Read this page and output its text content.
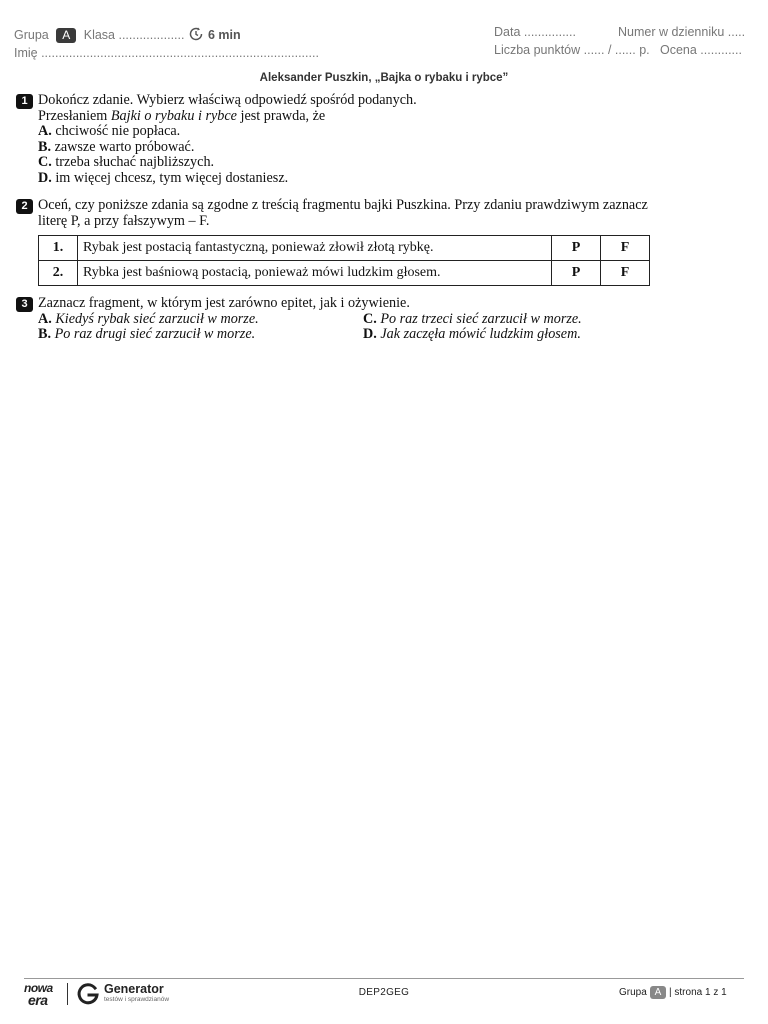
Grupa A Klasa ................... 6 min
Imię ................................................................................
Data ...............	Numer w dzienniku .....
Liczba punktów ...... / ...... p. Ocena ............
Aleksander Puszkin, „Bajka o rybaku i rybce”
1 Dokończ zdanie. Wybierz właściwą odpowiedź spośród podanych.
Przesłaniem Bajki o rybaku i rybce jest prawda, że
A. chciwość nie popłaca.
B. zawsze warto próbować.
C. trzeba słuchać najbliższych.
D. im więcej chcesz, tym więcej dostaniesz.
2 Oceń, czy poniższe zdania są zgodne z treścią fragmentu bajki Puszkina. Przy zdaniu prawdziwym zaznacz
literę P, a przy fałszywym – F.
1.	Rybak jest postacią fantastyczną, ponieważ złowił złotą rybkę.	P	F
2.	Rybka jest baśniową postacią, ponieważ mówi ludzkim głosem.	P	F
3 Zaznacz fragment, w którym jest zarówno epitet, jak i ożywienie.
A. Kiedyś rybak sieć zarzucił w morze.
B. Po raz drugi sieć zarzucił w morze.
C. Po raz trzeci sieć zarzucił w morze.
D. Jak zaczęła mówić ludzkim głosem.
nowa
era
Generator
testów i sprawdzianów
DEP2GEG	Grupa A | strona 1 z 1
